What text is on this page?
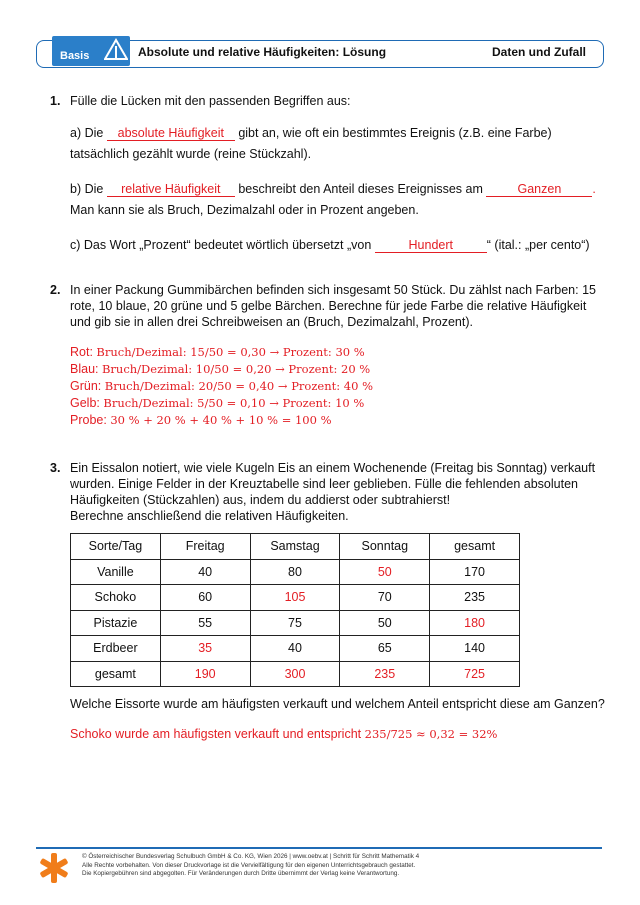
Basis	Absolute und relative Häufigkeiten: Lösung	Daten und Zufall
1. Fülle die Lücken mit den passenden Begriffen aus:
a) Die absolute Häufigkeit gibt an, wie oft ein bestimmtes Ereignis (z.B. eine Farbe)
tatsächlich gezählt wurde (reine Stückzahl).
b) Die relative Häufigkeit beschreibt den Anteil dieses Ereignisses am	Ganzen .
Man kann sie als Bruch, Dezimalzahl oder in Prozent angeben.
c) Das Wort „Prozent“ bedeutet wörtlich übersetzt „von	Hundert	“ (ital.: „per cento“)
2. In einer Packung Gummibärchen befinden sich insgesamt 50 Stück. Du zählst nach Farben: 15
rote, 10 blaue, 20 grüne und 5 gelbe Bärchen. Berechne für jede Farbe die relative Häufigkeit
und gib sie in allen drei Schreibweisen an (Bruch, Dezimalzahl, Prozent).
Rot: Bruch/Dezimal: 15/50 = 0,30 → Prozent: 30 %
Blau: Bruch/Dezimal: 10/50 = 0,20 → Prozent: 20 %
Grün: Bruch/Dezimal: 20/50 = 0,40 → Prozent: 40 %
Gelb: Bruch/Dezimal: 5/50 = 0,10 → Prozent: 10 %
Probe: 30 % + 20 % + 40 % + 10 % = 100 %
3. Ein Eissalon notiert, wie viele Kugeln Eis an einem Wochenende (Freitag bis Sonntag) verkauft
wurden. Einige Felder in der Kreuztabelle sind leer geblieben. Fülle die fehlenden absoluten
Häufigkeiten (Stückzahlen) aus, indem du addierst oder subtrahierst!
Berechne anschließend die relativen Häufigkeiten.
Sorte/Tag	Freitag	Samstag	Sonntag	gesamt
Vanille	40	80	50	170
Schoko	60	105	70	235
Pistazie	55	75	50	180
Erdbeer	35	40	65	140
gesamt	190	300	235	725
Welche Eissorte wurde am häufigsten verkauft und welchem Anteil entspricht diese am Ganzen?
Schoko wurde am häufigsten verkauft und entspricht 235/725 ≈ 0,32 = 32%
© Österreichischer Bundesverlag Schulbuch GmbH & Co. KG, Wien 2026 | www.oebv.at | Schritt für Schritt Mathematik 4
Alle Rechte vorbehalten. Von dieser Druckvorlage ist die Vervielfältigung für den eigenen Unterrichtsgebrauch gestattet.
Die Kopiergebühren sind abgegolten. Für Veränderungen durch Dritte übernimmt der Verlag keine Verantwortung.
